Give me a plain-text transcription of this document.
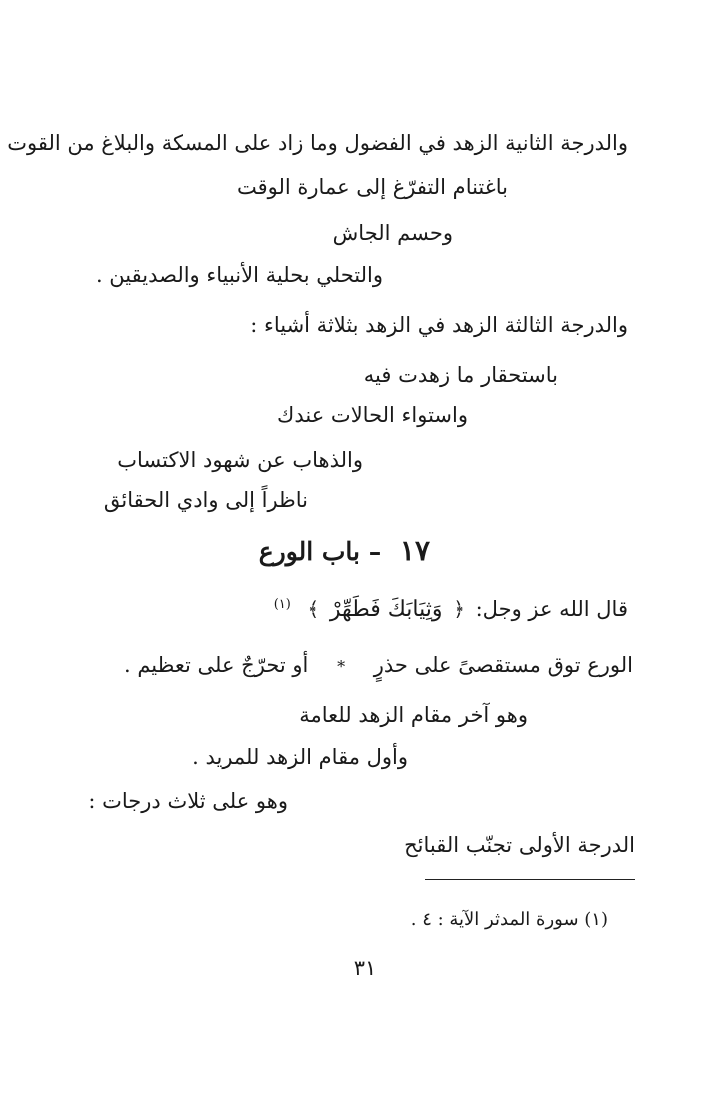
والدرجة الثانية الزهد في الفضول وما زاد على المسكة والبلاغ من القوت
باغتنام التفرّغ إلى عمارة الوقت
وحسم الجاش
والتحلي بحلية الأنبياء والصديقين .
والدرجة الثالثة الزهد في الزهد بثلاثة أشياء :
باستحقار ما زهدت فيه
واستواء الحالات عندك
والذهاب عن شهود الاكتساب
ناظراً إلى وادي الحقائق
١٧ – باب الورع
قال الله عز وجل: ﴿ وَثِيَابَكَ فَطَهِّرْ ﴾ $^{(١)}$
الورع توق مستقصىً على حذرٍ * أو تحرّجٌ على تعظيم .
وهو آخر مقام الزهد للعامة
وأول مقام الزهد للمريد .
وهو على ثلاث درجات :
الدرجة الأولى تجنّب القبائح
(١) سورة المدثر الآية : ٤ .
٣١
